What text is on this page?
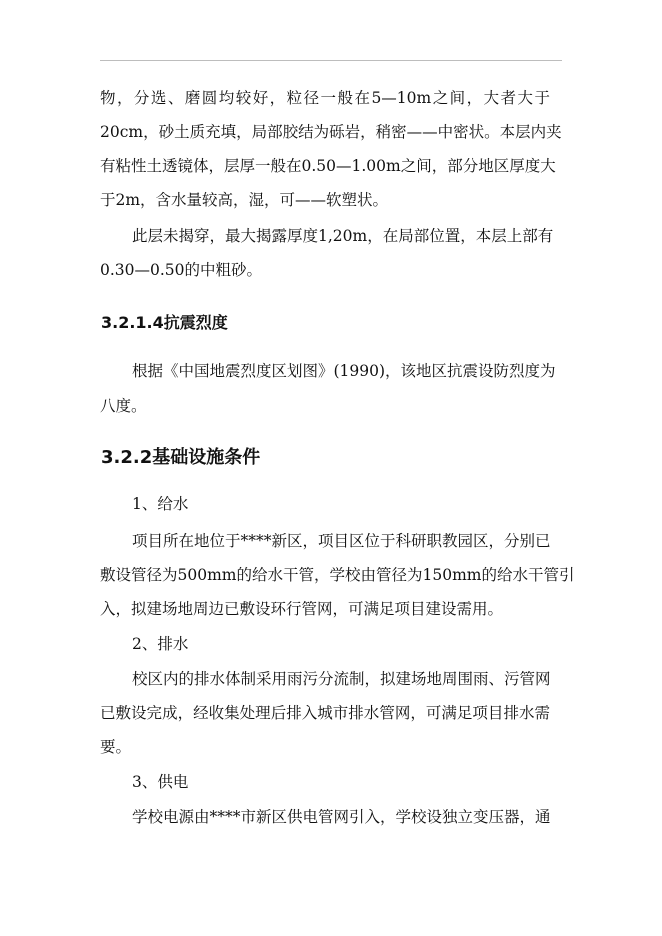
物，分选、磨圆均较好，粒径一般在5—10m之间，大者大于
20cm，砂土质充填，局部胶结为砾岩，稍密——中密状。本层内夹
有粘性土透镜体，层厚一般在0.50—1.00m之间，部分地区厚度大
于2m，含水量较高，湿，可——软塑状。
此层未揭穿，最大揭露厚度1,20m，在局部位置，本层上部有
0.30—0.50的中粗砂。
3.2.1.4抗震烈度
根据《中国地震烈度区划图》(1990)，该地区抗震设防烈度为
八度。
3.2.2基础设施条件
1、给水
项目所在地位于****新区，项目区位于科研职教园区，分别已
敷设管径为500mm的给水干管，学校由管径为150mm的给水干管引
入，拟建场地周边已敷设环行管网，可满足项目建设需用。
2、排水
校区内的排水体制采用雨污分流制，拟建场地周围雨、污管网
已敷设完成，经收集处理后排入城市排水管网，可满足项目排水需
要。
3、供电
学校电源由****市新区供电管网引入，学校设独立变压器，通
